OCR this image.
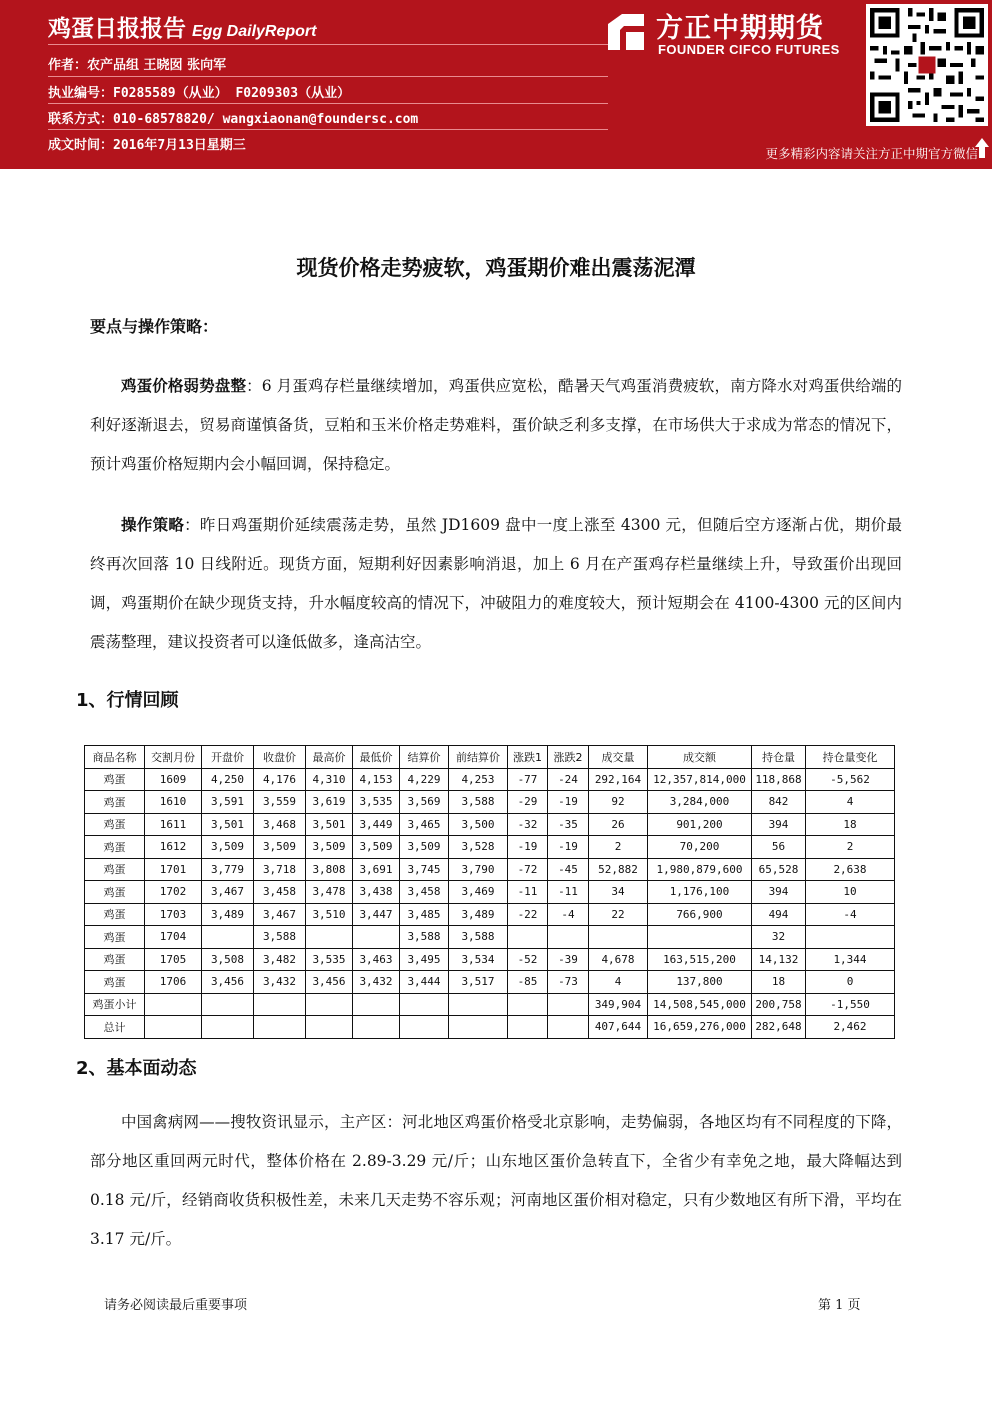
鸡蛋日报报告 Egg DailyReport
作者：农产品组 王晓囡 张向军
执业编号：F0285589（从业） F0209303（从业）
联系方式：010-68578820/ wangxiaonan@foundersc.com
成文时间：2016年7月13日星期三
方正中期期货
FOUNDER CIFCO FUTURES
更多精彩内容请关注方正中期官方微信
现货价格走势疲软，鸡蛋期价难出震荡泥潭
要点与操作策略：
鸡蛋价格弱势盘整：6 月蛋鸡存栏量继续增加，鸡蛋供应宽松，酷暑天气鸡蛋消费疲软，南方降水对鸡蛋供给端的利好逐渐退去，贸易商谨慎备货，豆粕和玉米价格走势难料，蛋价缺乏利多支撑，在市场供大于求成为常态的情况下，预计鸡蛋价格短期内会小幅回调，保持稳定。
操作策略：昨日鸡蛋期价延续震荡走势，虽然 JD1609 盘中一度上涨至 4300 元，但随后空方逐渐占优，期价最终再次回落 10 日线附近。现货方面，短期利好因素影响消退，加上 6 月在产蛋鸡存栏量继续上升，导致蛋价出现回调，鸡蛋期价在缺少现货支持，升水幅度较高的情况下，冲破阻力的难度较大，预计短期会在 4100-4300 元的区间内震荡整理，建议投资者可以逢低做多，逢高沽空。
1、行情回顾
商品名称	交割月份	开盘价	收盘价	最高价	最低价	结算价	前结算价	涨跌1	涨跌2	成交量	成交额	持仓量	持仓量变化
鸡蛋	1609	4,250	4,176	4,310	4,153	4,229	4,253	-77	-24	292,164	12,357,814,000	118,868	-5,562
鸡蛋	1610	3,591	3,559	3,619	3,535	3,569	3,588	-29	-19	92	3,284,000	842	4
鸡蛋	1611	3,501	3,468	3,501	3,449	3,465	3,500	-32	-35	26	901,200	394	18
鸡蛋	1612	3,509	3,509	3,509	3,509	3,509	3,528	-19	-19	2	70,200	56	2
鸡蛋	1701	3,779	3,718	3,808	3,691	3,745	3,790	-72	-45	52,882	1,980,879,600	65,528	2,638
鸡蛋	1702	3,467	3,458	3,478	3,438	3,458	3,469	-11	-11	34	1,176,100	394	10
鸡蛋	1703	3,489	3,467	3,510	3,447	3,485	3,489	-22	-4	22	766,900	494	-4
鸡蛋	1704		3,588			3,588	3,588					32	
鸡蛋	1705	3,508	3,482	3,535	3,463	3,495	3,534	-52	-39	4,678	163,515,200	14,132	1,344
鸡蛋	1706	3,456	3,432	3,456	3,432	3,444	3,517	-85	-73	4	137,800	18	0
鸡蛋小计										349,904	14,508,545,000	200,758	-1,550
总计										407,644	16,659,276,000	282,648	2,462
2、基本面动态
中国禽病网——搜牧资讯显示，主产区：河北地区鸡蛋价格受北京影响，走势偏弱，各地区均有不同程度的下降，部分地区重回两元时代，整体价格在 2.89-3.29 元/斤；山东地区蛋价急转直下，全省少有幸免之地，最大降幅达到 0.18 元/斤，经销商收货积极性差，未来几天走势不容乐观；河南地区蛋价相对稳定，只有少数地区有所下滑，平均在 3.17 元/斤。
请务必阅读最后重要事项	第 1 页
